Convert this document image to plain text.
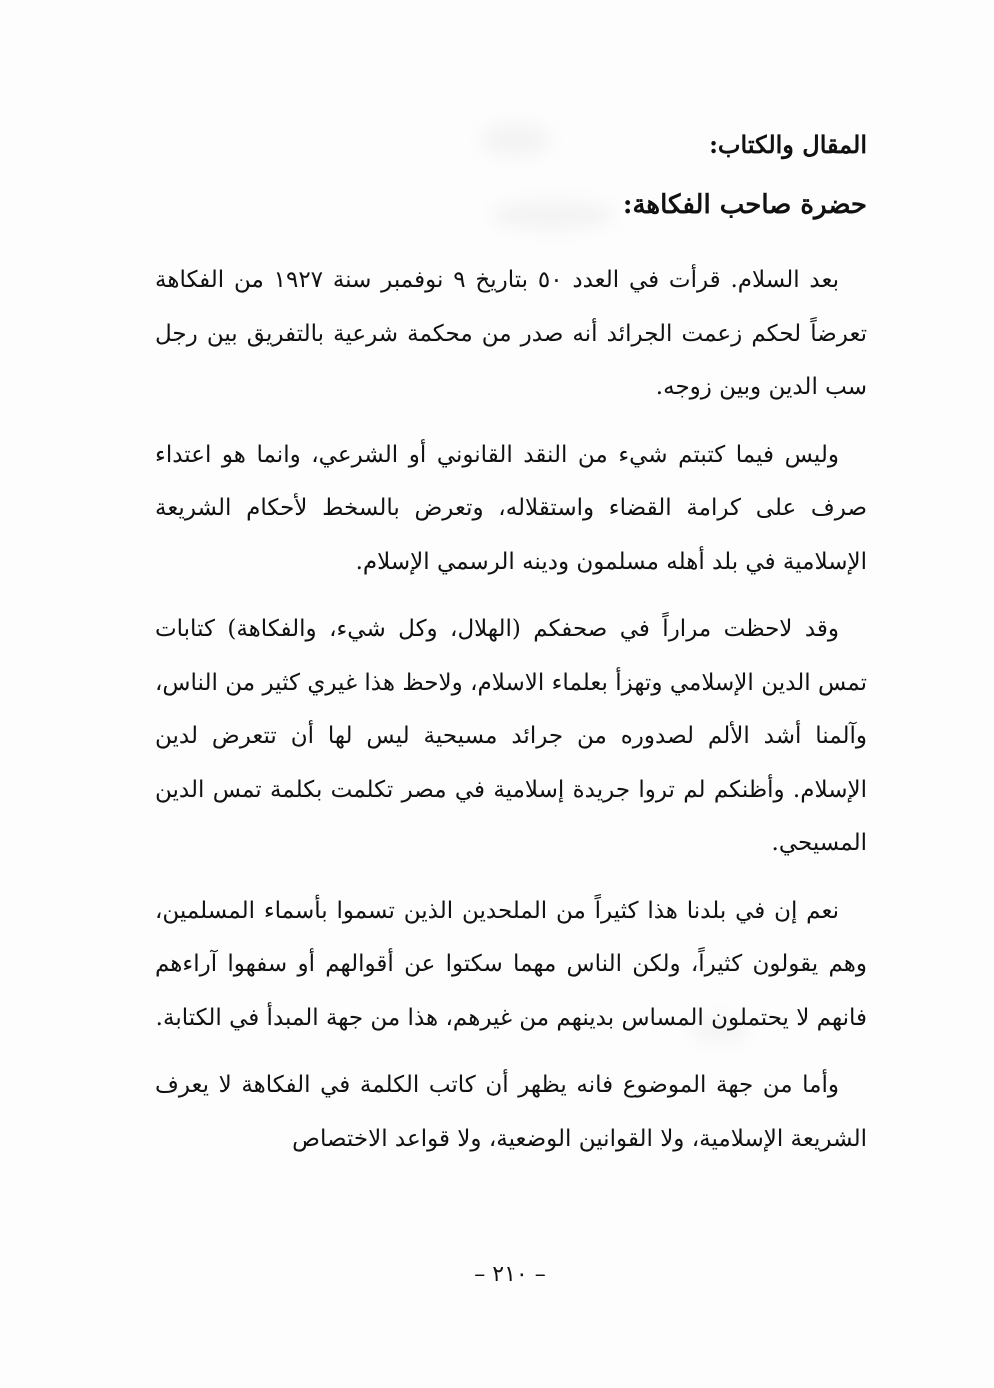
المقال والكتاب:
حضرة صاحب الفكاهة:

بعد السلام. قرأت في العدد ٥٠ بتاريخ ٩ نوفمبر سنة ١٩٢٧ من الفكاهة تعرضاً لحكم زعمت الجرائد أنه صدر من محكمة شرعية بالتفريق بين رجل سب الدين وبين زوجه.

وليس فيما كتبتم شيء من النقد القانوني أو الشرعي، وانما هو اعتداء صرف على كرامة القضاء واستقلاله، وتعرض بالسخط لأحكام الشريعة الإسلامية في بلد أهله مسلمون ودينه الرسمي الإسلام.

وقد لاحظت مراراً في صحفكم (الهلال، وكل شيء، والفكاهة) كتابات تمس الدين الإسلامي وتهزأ بعلماء الاسلام، ولاحظ هذا غيري كثير من الناس، وآلمنا أشد الألم لصدوره من جرائد مسيحية ليس لها أن تتعرض لدين الإسلام. وأظنكم لم تروا جريدة إسلامية في مصر تكلمت بكلمة تمس الدين المسيحي.

نعم إن في بلدنا هذا كثيراً من الملحدين الذين تسموا بأسماء المسلمين، وهم يقولون كثيراً، ولكن الناس مهما سكتوا عن أقوالهم أو سفهوا آراءهم فانهم لا يحتملون المساس بدينهم من غيرهم، هذا من جهة المبدأ في الكتابة.

وأما من جهة الموضوع فانه يظهر أن كاتب الكلمة في الفكاهة لا يعرف الشريعة الإسلامية، ولا القوانين الوضعية، ولا قواعد الاختصاص

– ٢١٠ –
